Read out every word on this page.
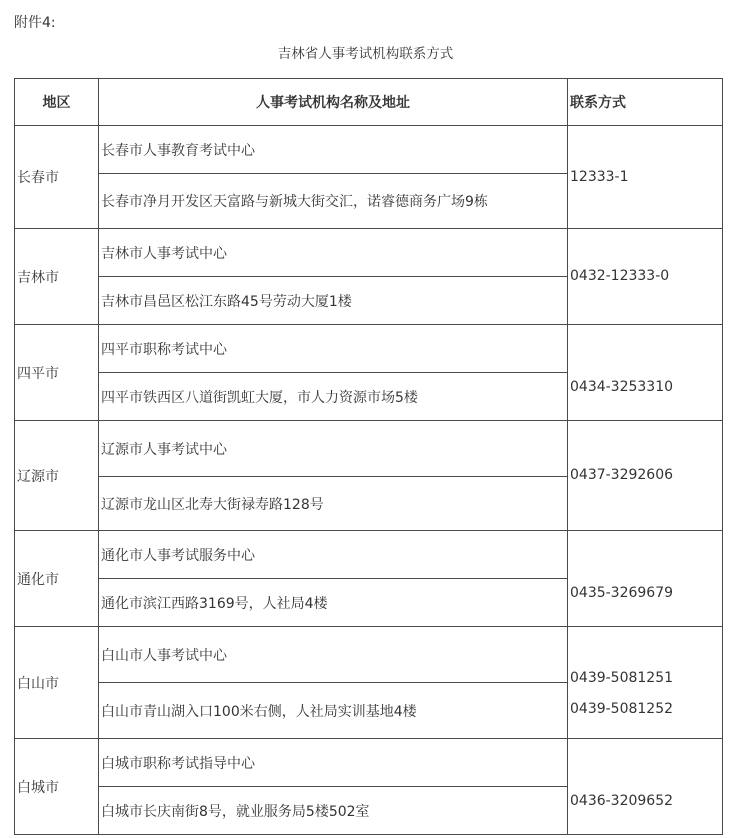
附件4:
吉林省人事考试机构联系方式
地区	人事考试机构名称及地址	联系方式
长春市	长春市人事教育考试中心	12333-1

	长春市净月开发区天富路与新城大街交汇，诺睿德商务广场9栋	
吉林市	吉林市人事考试中心	0432-12333-0

	吉林市昌邑区松江东路45号劳动大厦1楼	
四平市	四平市职称考试中心	0434-3253310

	四平市铁西区八道街凯虹大厦，市人力资源市场5楼	
辽源市	辽源市人事考试中心	0437-3292606

	辽源市龙山区北寿大街禄寿路128号	
通化市	通化市人事考试服务中心	0435-3269679

	通化市滨江西路3169号，人社局4楼	
白山市	白山市人事考试中心	0439-5081251
0439-5081252

	白山市青山湖入口100米右侧，人社局实训基地4楼	
白城市	白城市职称考试指导中心	0436-3209652

	白城市长庆南街8号，就业服务局5楼502室	
